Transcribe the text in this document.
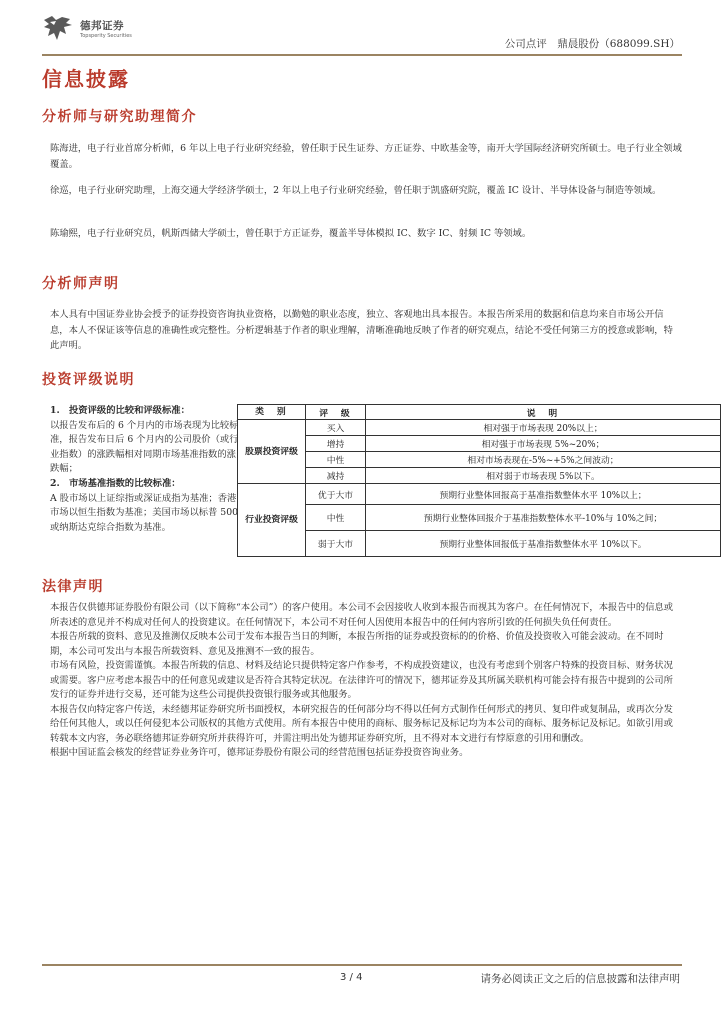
德邦证券
Topsperity Securities
公司点评　鼎晨股份（688099.SH）
信息披露
分析师与研究助理简介
陈海进，电子行业首席分析师，6 年以上电子行业研究经验，曾任职于民生证券、方正证券、中欧基金等，南开大学国际经济研究所硕士。电子行业全领域覆盖。
徐巡，电子行业研究助理，上海交通大学经济学硕士，2 年以上电子行业研究经验，曾任职于凯盛研究院，覆盖 IC 设计、半导体设备与制造等领域。
陈瑜熙，电子行业研究员，帆斯西储大学硕士，曾任职于方正证券，覆盖半导体模拟 IC、数字 IC、射频 IC 等领域。
分析师声明
本人具有中国证券业协会授予的证券投资咨询执业资格，以勤勉的职业态度，独立、客观地出具本报告。本报告所采用的数据和信息均来自市场公开信息，本人不保证该等信息的准确性或完整性。分析逻辑基于作者的职业理解，清晰准确地反映了作者的研究观点，结论不受任何第三方的授意或影响，特此声明。
投资评级说明
1.　投资评级的比较和评级标准：
以报告发布后的 6 个月内的市场表现为比较标准，报告发布日后 6 个月内的公司股价（或行业指数）的涨跌幅相对同期市场基准指数的涨跌幅；
2.　市场基准指数的比较标准：
A 股市场以上证综指或深证成指为基准；香港市场以恒生指数为基准；美国市场以标普 500 或纳斯达克综合指数为基准。
类　别	评　级	说　明
股票投资评级	买入	相对强于市场表现 20%以上；
	增持	相对强于市场表现 5%~20%；
	中性	相对市场表现在-5%~+5%之间波动；
	减持	相对弱于市场表现 5%以下。
行业投资评级	优于大市	预期行业整体回报高于基准指数整体水平 10%以上；
	中性	预期行业整体回报介于基准指数整体水平-10%与 10%之间；
	弱于大市	预期行业整体回报低于基准指数整体水平 10%以下。
法律声明

本报告仅供德邦证券股份有限公司（以下简称“本公司”）的客户使用。本公司不会因接收人收到本报告而视其为客户。在任何情况下，本报告中的信息或所表述的意见并不构成对任何人的投资建议。在任何情况下，本公司不对任何人因使用本报告中的任何内容所引致的任何损失负任何责任。

本报告所载的资料、意见及推测仅反映本公司于发布本报告当日的判断，本报告所指的证券或投资标的的价格、价值及投资收入可能会波动。在不同时期，本公司可发出与本报告所载资料、意见及推测不一致的报告。

市场有风险，投资需谨慎。本报告所载的信息、材料及结论只提供特定客户作参考，不构成投资建议，也没有考虑到个别客户特殊的投资目标、财务状况或需要。客户应考虑本报告中的任何意见或建议是否符合其特定状况。在法律许可的情况下，德邦证券及其所属关联机构可能会持有报告中提到的公司所发行的证券并进行交易，还可能为这些公司提供投资银行服务或其他服务。

本报告仅向特定客户传送，未经德邦证券研究所书面授权，本研究报告的任何部分均不得以任何方式制作任何形式的拷贝、复印件或复制品，或再次分发给任何其他人，或以任何侵犯本公司版权的其他方式使用。所有本报告中使用的商标、服务标记及标记均为本公司的商标、服务标记及标记。如欲引用或转载本文内容，务必联络德邦证券研究所并获得许可，并需注明出处为德邦证券研究所，且不得对本文进行有悖原意的引用和删改。

根据中国证监会核发的经营证券业务许可，德邦证券股份有限公司的经营范围包括证券投资咨询业务。

3 / 4	请务必阅读正文之后的信息披露和法律声明
